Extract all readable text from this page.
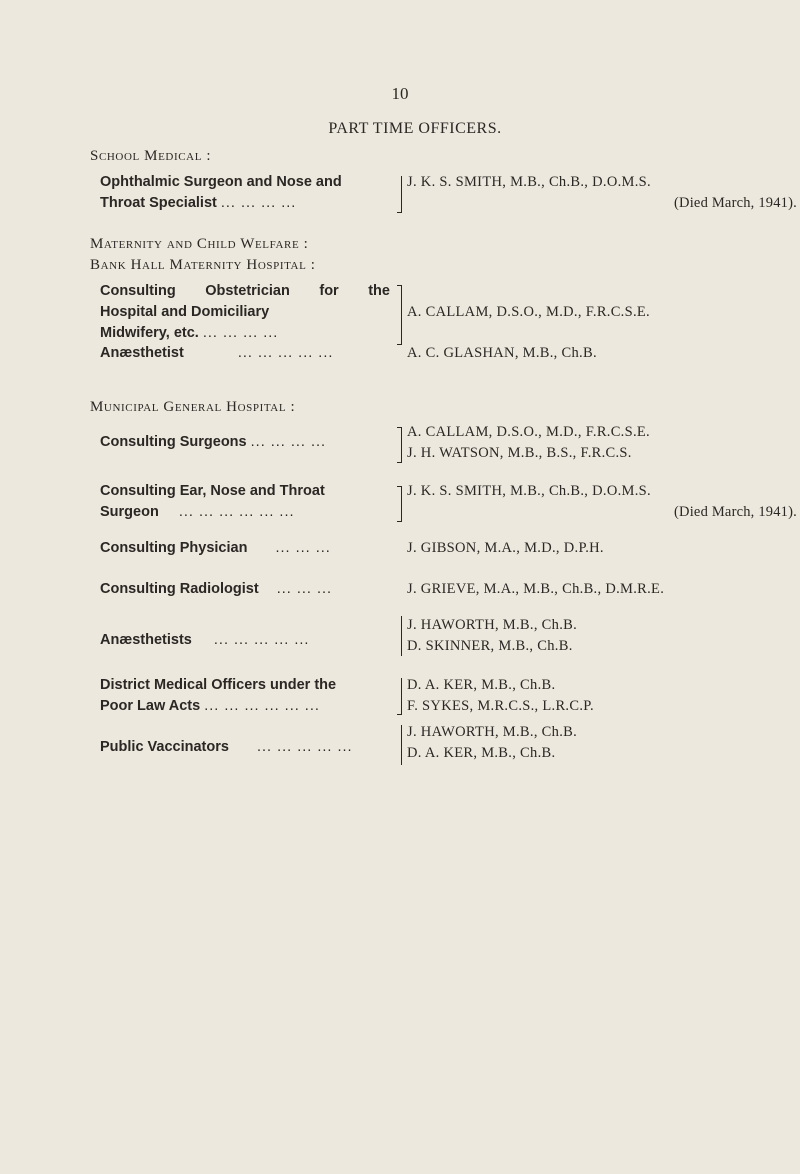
10
PART TIME OFFICERS.
School Medical :
Ophthalmic Surgeon and Nose and
Throat Specialist ... ... ... ...
J. K. S. SMITH, M.B., Ch.B., D.O.M.S.
(Died March, 1941).
Maternity and Child Welfare :
Bank Hall Maternity Hospital :
Consulting Obstetrician for the
Hospital and Domiciliary
Midwifery, etc. ... ... ... ...
A. CALLAM, D.S.O., M.D., F.R.C.S.E.
Anæsthetist	... ... ... ... ...	A. C. GLASHAN, M.B., Ch.B.
Municipal General Hospital :
Consulting Surgeons ... ... ... ...
A. CALLAM, D.S.O., M.D., F.R.C.S.E.
J. H. WATSON, M.B., B.S., F.R.C.S.
Consulting Ear, Nose and Throat
Surgeon ... ... ... ... ... ...
J. K. S. SMITH, M.B., Ch.B., D.O.M.S.
(Died March, 1941).
Consulting Physician ... ... ...	J. GIBSON, M.A., M.D., D.P.H.
Consulting Radiologist ... ... ...	J. GRIEVE, M.A., M.B., Ch.B., D.M.R.E.
Anæsthetists ... ... ... ... ...
J. HAWORTH, M.B., Ch.B.
D. SKINNER, M.B., Ch.B.
District Medical Officers under the
Poor Law Acts ... ... ... ... ... ...
D. A. KER, M.B., Ch.B.
F. SYKES, M.R.C.S., L.R.C.P.
Public Vaccinators ... ... ... ... ...
J. HAWORTH, M.B., Ch.B.
D. A. KER, M.B., Ch.B.
